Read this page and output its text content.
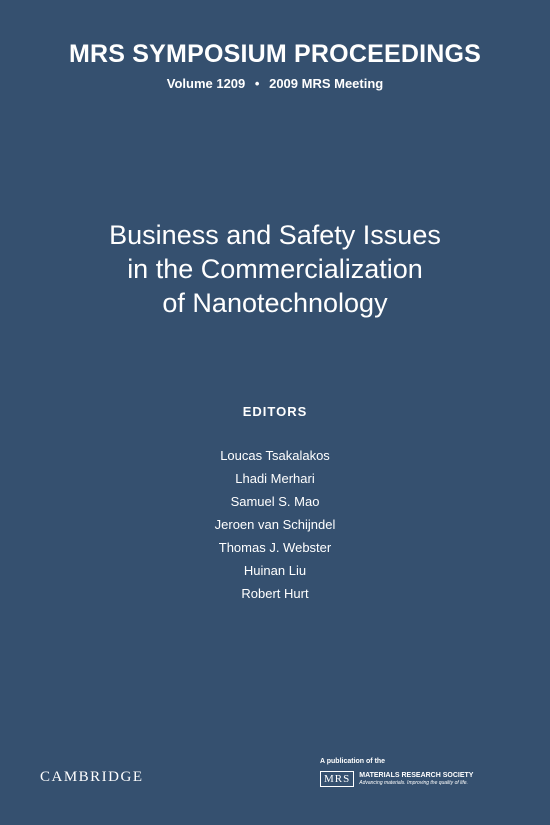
MRS SYMPOSIUM PROCEEDINGS
Volume 1209 • 2009 MRS Meeting
Business and Safety Issues
in the Commercialization
of Nanotechnology
EDITORS
Loucas Tsakalakos
Lhadi Merhari
Samuel S. Mao
Jeroen van Schijndel
Thomas J. Webster
Huinan Liu
Robert Hurt
CAMBRIDGE
A publication of the
MRS	MATERIALS RESEARCH SOCIETY
Advancing materials. Improving the quality of life.
